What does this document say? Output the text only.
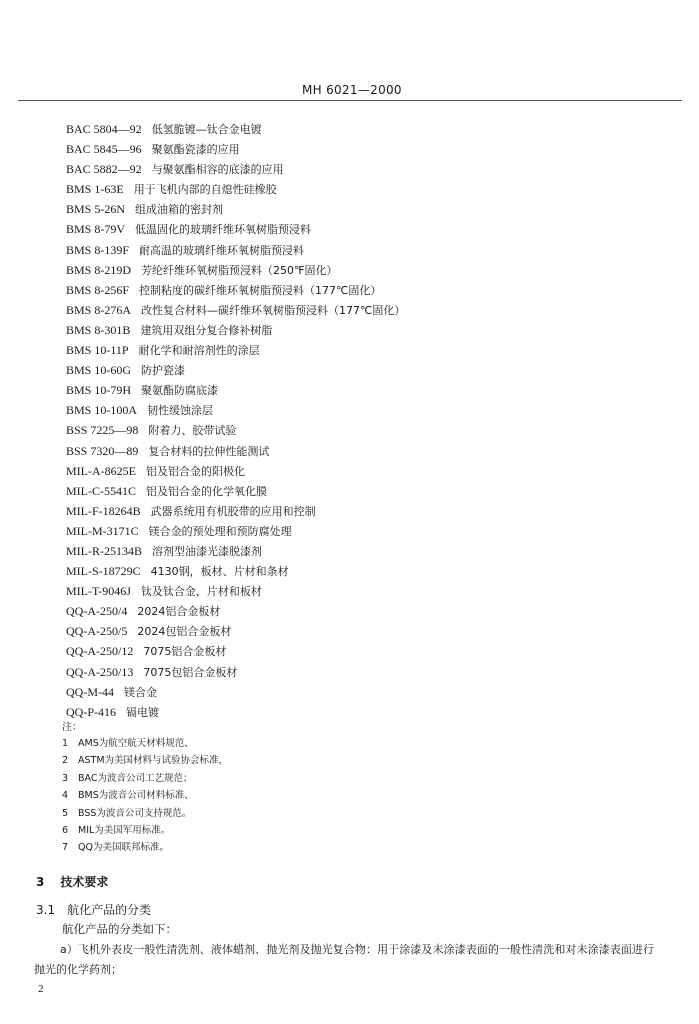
MH 6021—2000
BAC 5804—92 低氢脆镀—钛合金电镀
BAC 5845—96 聚氨酯瓷漆的应用
BAC 5882—92 与聚氨酯相容的底漆的应用
BMS 1-63E 用于飞机内部的自熄性硅橡胶
BMS 5-26N 组成油箱的密封剂
BMS 8-79V 低温固化的玻璃纤维环氧树脂预浸料
BMS 8-139F 耐高温的玻璃纤维环氧树脂预浸料
BMS 8-219D 芳纶纤维环氧树脂预浸料（250℉固化）
BMS 8-256F 控制粘度的碳纤维环氧树脂预浸料（177℃固化）
BMS 8-276A 改性复合材料—碳纤维环氧树脂预浸料（177℃固化）
BMS 8-301B 建筑用双组分复合修补树脂
BMS 10-11P 耐化学和耐溶剂性的涂层
BMS 10-60G 防护瓷漆
BMS 10-79H 聚氨酯防腐底漆
BMS 10-100A 韧性缓蚀涂层
BSS 7225—98 附着力、胶带试验
BSS 7320—89 复合材料的拉伸性能测试
MIL-A-8625E 铝及铝合金的阳极化
MIL-C-5541C 铝及铝合金的化学氧化膜
MIL-F-18264B 武器系统用有机胶带的应用和控制
MIL-M-3171C 镁合金的预处理和预防腐处理
MIL-R-25134B 溶剂型油漆光漆脱漆剂
MIL-S-18729C 4130钢，板材、片材和条材
MIL-T-9046J 钛及钛合金，片材和板材
QQ-A-250/4 2024铝合金板材
QQ-A-250/5 2024包铝合金板材
QQ-A-250/12 7075铝合金板材
QQ-A-250/13 7075包铝合金板材
QQ-M-44 镁合金
QQ-P-416 镉电镀
注：
1 AMS为航空航天材料规范、
2 ASTM为美国材料与试验协会标准，
3 BAC为波音公司工艺规范；
4 BMS为波音公司材料标准、
5 BSS为波音公司支持规范。
6 MIL为美国军用标准。
7 QQ为美国联邦标准。
3 技术要求
3.1 航化产品的分类
航化产品的分类如下：

a）飞机外表皮一般性清洗剂、液体蜡剂、抛光剂及抛光复合物：用于涂漆及未涂漆表面的一般性清洗和对未涂漆表面进行抛光的化学药剂；

2
